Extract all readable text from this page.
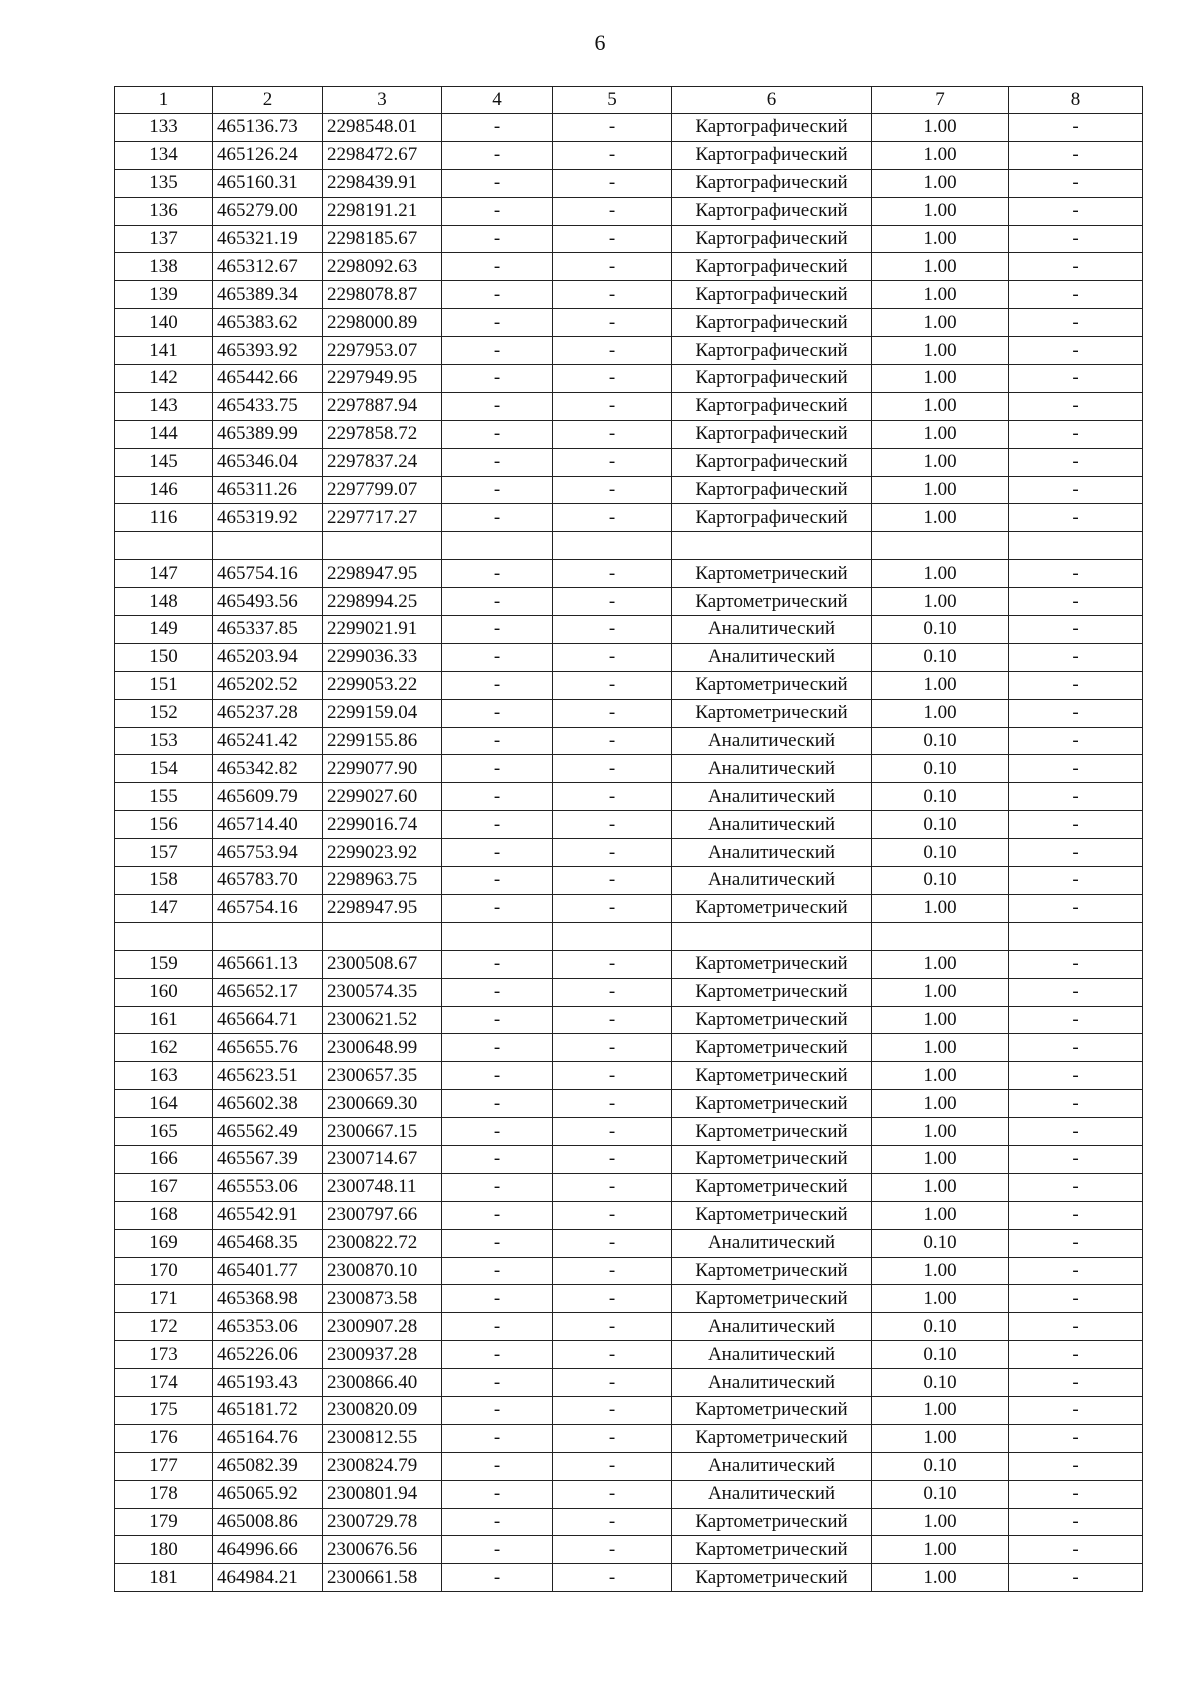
6
1	2	3	4	5	6	7	8
133	465136.73	2298548.01	-	-	Картографический	1.00	-
134	465126.24	2298472.67	-	-	Картографический	1.00	-
135	465160.31	2298439.91	-	-	Картографический	1.00	-
136	465279.00	2298191.21	-	-	Картографический	1.00	-
137	465321.19	2298185.67	-	-	Картографический	1.00	-
138	465312.67	2298092.63	-	-	Картографический	1.00	-
139	465389.34	2298078.87	-	-	Картографический	1.00	-
140	465383.62	2298000.89	-	-	Картографический	1.00	-
141	465393.92	2297953.07	-	-	Картографический	1.00	-
142	465442.66	2297949.95	-	-	Картографический	1.00	-
143	465433.75	2297887.94	-	-	Картографический	1.00	-
144	465389.99	2297858.72	-	-	Картографический	1.00	-
145	465346.04	2297837.24	-	-	Картографический	1.00	-
146	465311.26	2297799.07	-	-	Картографический	1.00	-
116	465319.92	2297717.27	-	-	Картографический	1.00	-

147	465754.16	2298947.95	-	-	Картометрический	1.00	-
148	465493.56	2298994.25	-	-	Картометрический	1.00	-
149	465337.85	2299021.91	-	-	Аналитический	0.10	-
150	465203.94	2299036.33	-	-	Аналитический	0.10	-
151	465202.52	2299053.22	-	-	Картометрический	1.00	-
152	465237.28	2299159.04	-	-	Картометрический	1.00	-
153	465241.42	2299155.86	-	-	Аналитический	0.10	-
154	465342.82	2299077.90	-	-	Аналитический	0.10	-
155	465609.79	2299027.60	-	-	Аналитический	0.10	-
156	465714.40	2299016.74	-	-	Аналитический	0.10	-
157	465753.94	2299023.92	-	-	Аналитический	0.10	-
158	465783.70	2298963.75	-	-	Аналитический	0.10	-
147	465754.16	2298947.95	-	-	Картометрический	1.00	-

159	465661.13	2300508.67	-	-	Картометрический	1.00	-
160	465652.17	2300574.35	-	-	Картометрический	1.00	-
161	465664.71	2300621.52	-	-	Картометрический	1.00	-
162	465655.76	2300648.99	-	-	Картометрический	1.00	-
163	465623.51	2300657.35	-	-	Картометрический	1.00	-
164	465602.38	2300669.30	-	-	Картометрический	1.00	-
165	465562.49	2300667.15	-	-	Картометрический	1.00	-
166	465567.39	2300714.67	-	-	Картометрический	1.00	-
167	465553.06	2300748.11	-	-	Картометрический	1.00	-
168	465542.91	2300797.66	-	-	Картометрический	1.00	-
169	465468.35	2300822.72	-	-	Аналитический	0.10	-
170	465401.77	2300870.10	-	-	Картометрический	1.00	-
171	465368.98	2300873.58	-	-	Картометрический	1.00	-
172	465353.06	2300907.28	-	-	Аналитический	0.10	-
173	465226.06	2300937.28	-	-	Аналитический	0.10	-
174	465193.43	2300866.40	-	-	Аналитический	0.10	-
175	465181.72	2300820.09	-	-	Картометрический	1.00	-
176	465164.76	2300812.55	-	-	Картометрический	1.00	-
177	465082.39	2300824.79	-	-	Аналитический	0.10	-
178	465065.92	2300801.94	-	-	Аналитический	0.10	-
179	465008.86	2300729.78	-	-	Картометрический	1.00	-
180	464996.66	2300676.56	-	-	Картометрический	1.00	-
181	464984.21	2300661.58	-	-	Картометрический	1.00	-
